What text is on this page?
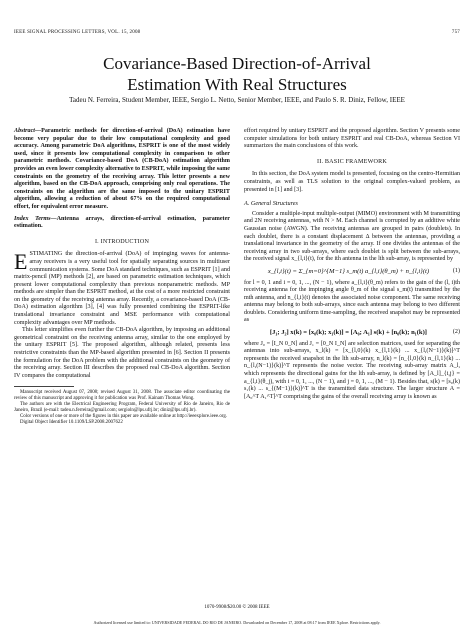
IEEE SIGNAL PROCESSING LETTERS, VOL. 15, 2008	757
Covariance-Based Direction-of-Arrival
Estimation With Real Structures
Tadeu N. Ferreira, Student Member, IEEE, Sergio L. Netto, Senior Member, IEEE, and Paulo S. R. Diniz, Fellow, IEEE
Abstract—Parametric methods for direction-of-arrival (DoA) estimation have become very popular due to their low computational complexity and good accuracy. Among parametric DoA algorithms, ESPRIT is one of the most widely used, since it presents low computational complexity in comparison to other parametric methods. Covariance-based DoA (CB-DoA) estimation algorithm provides an even lower complexity alternative to ESPRIT, while imposing the same constraints on the geometry of the receiving array. This letter presents a new algorithm, based on the CB-DoA approach, comprising only real operations. The constraints on the algorithm are the same imposed to the unitary ESPRIT algorithm, allowing a reduction of about 67% on the required computational effort, for equivalent error measure.
Index Terms—Antenna arrays, direction-of-arrival estimation, parameter estimation.
I. INTRODUCTION
E STIMATING the direction-of-arrival (DoA) of impinging waves for antenna-array receivers is a very useful tool for spatially separating sources in multiuser communication systems. Some DoA standard techniques, such as ESPRIT [1] and matrix-pencil (MP) methods [2], are based on parametric estimation techniques, which present lower computational complexity than previous nonparametric methods. MP methods are simpler than the ESPRIT method, at the cost of a more restricted constraint on the geometry of the receiving antenna array. Recently, a covariance-based DoA (CB-DoA) estimation algorithm [3], [4] was fully presented combining the ESPRIT-like translational invariance constraint and MSE performance with computational complexity advantages over MP methods.

This letter simplifies even further the CB-DoA algorithm, by imposing an additional geometrical constraint on the receiving antenna array, similar to the one employed by the unitary ESPRIT [5]. The proposed algorithm, although related, presents less restrictive constraints than the MP-based algorithm presented in [6]. Section II presents the formulation for the DoA problem with the additional constraints on the geometry of the receiving array. Section III describes the proposed real CB-DoA algorithm. Section IV compares the computational

Manuscript received August 07, 2008; revised August 31, 2008. The associate editor coordinating the review of this manuscript and approving it for publication was Prof. Kainam Thomas Wong.
The authors are with the Electrical Engineering Program, Federal University of Rio de Janeiro, Rio de Janeiro, Brazil (e-mail: tadeu.n.ferreira@gmail.com; sergioln@lps.ufrj.br; diniz@lps.ufrj.br).
Color versions of one or more of the figures in this paper are available online at http://ieeexplore.ieee.org.
Digital Object Identifier 10.1109/LSP.2008.2007622

effort required by unitary ESPRIT and the proposed algorithm. Section V presents some computer simulations for both unitary ESPRIT and real CB-DoA, whereas Section VI summarizes the main conclusions of this work.

II. BASIC FRAMEWORK

In this section, the DoA system model is presented, focusing on the centro-Hermitian constraints, as well as TLS solution to the original complex-valued problem, as presented in [1] and [3].

A. General Structures

Consider a multiple-input multiple-output (MIMO) environment with M transmitting and 2N receiving antennas, with N > M. Each channel is corrupted by an additive white Gaussian noise (AWGN). The receiving antennas are grouped in pairs (doublets). In each doublet, there is a constant displacement Δ between the antennas, providing a translational invariance in the geometry of the array. If one divides the antennas of the receiving array in two sub-arrays, where each doublet is split between the sub-arrays, the received signal x_{l,i}(t), for the ith antenna in the lth sub-array, is represented by

x_{l,i}(t) = Σ_{m=0}^{M−1} s_m(t) a_{l,i}(θ_m) + n_{l,i}(t)	(1)

for l = 0, 1 and i = 0, 1, ..., (N − 1), where a_{l,i}(θ_m) refers to the gain of the (l, i)th receiving antenna for the impinging angle θ_m of the signal s_m(t) transmitted by the mth antenna, and n_{l,i}(t) denotes the associated noise component. The same receiving antenna may belong to both sub-arrays, since each antenna may belong to two different doublets. Considering uniform time-sampling, the received snapshot may be represented as

[J₁; J₂] x(k) = [x₀(k); x₁(k)] = [A₀; A₁] s(k) + [n₀(k); n₁(k)]	(2)

where J₀ = [I_N 0_N] and J₁ = [0_N I_N] are selection matrices, used for separating the antennas into sub-arrays, x_l(k) = [x_{l,0}(k) x_{l,1}(k) ... x_{l,(N−1)}(k)]^T represents the received snapshot in the lth sub-array, n_l(k) = [n_{l,0}(k) n_{l,1}(k) ... n_{l,(N−1)}(k)]^T represents the noise vector. The receiving sub-array matrix A_l, which represents the directional gains for the lth sub-array, is defined by [A_l]_{i,j} = a_{l,i}(θ_j), with i = 0, 1, ..., (N − 1), and j = 0, 1, ..., (M − 1). Besides that, s(k) = [s₀(k) s₁(k) ... s_{(M−1)}(k)]^T is the transmitted data structure. The larger structure A = [A₀^T A₁^T]^T comprising the gains of the overall receiving array is known as

1070-9908/$20.00 © 2008 IEEE
Authorized licensed use limited to: UNIVERSIDADE FEDERAL DO RIO DE JANEIRO. Downloaded on December 17, 2008 at 08:17 from IEEE Xplore. Restrictions apply.
